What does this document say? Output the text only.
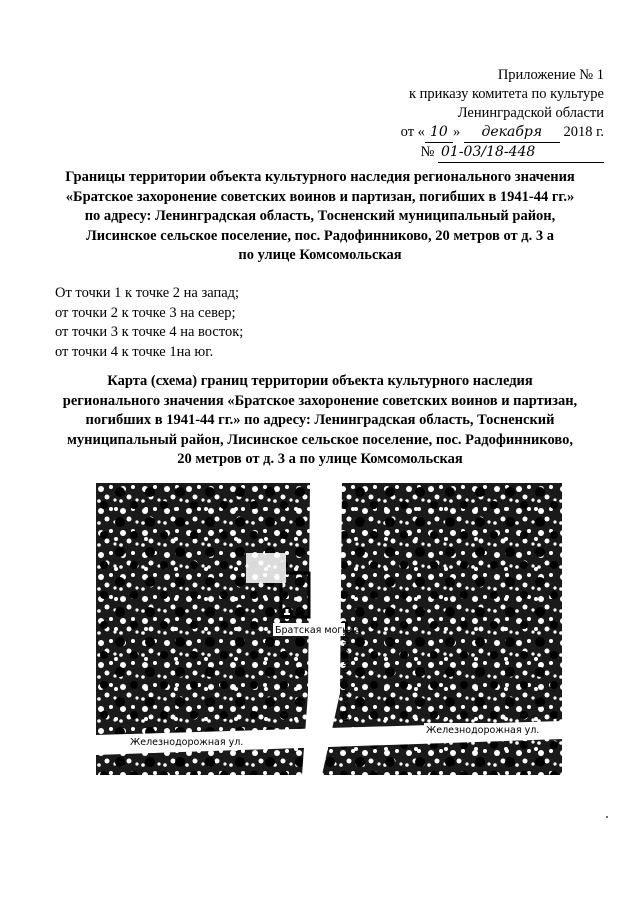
Приложение № 1
к приказу комитета по культуре
Ленинградской области
от « 10 » декабря 2018 г.
№ 01-03/18-448
Границы территории объекта культурного наследия регионального значения
«Братское захоронение советских воинов и партизан, погибших в 1941-44 гг.»
по адресу: Ленинградская область, Тосненский муниципальный район,
Лисинское сельское поселение, пос. Радофинниково, 20 метров от д. 3 а
по улице Комсомольская
От точки 1 к точке 2 на запад;
от точки 2 к точке 3 на север;
от точки 3 к точке 4 на восток;
от точки 4 к точке 1на юг.
Карта (схема) границ территории объекта культурного наследия
регионального значения «Братское захоронение советских воинов и партизан,
погибших в 1941-44 гг.» по адресу: Ленинградская область, Тосненский
муниципальный район, Лисинское сельское поселение, пос. Радофинниково,
20 метров от д. 3 а по улице Комсомольская
Братская могила
Комсомольская ул.
Железнодорожная ул.
Железнодорожная ул.
